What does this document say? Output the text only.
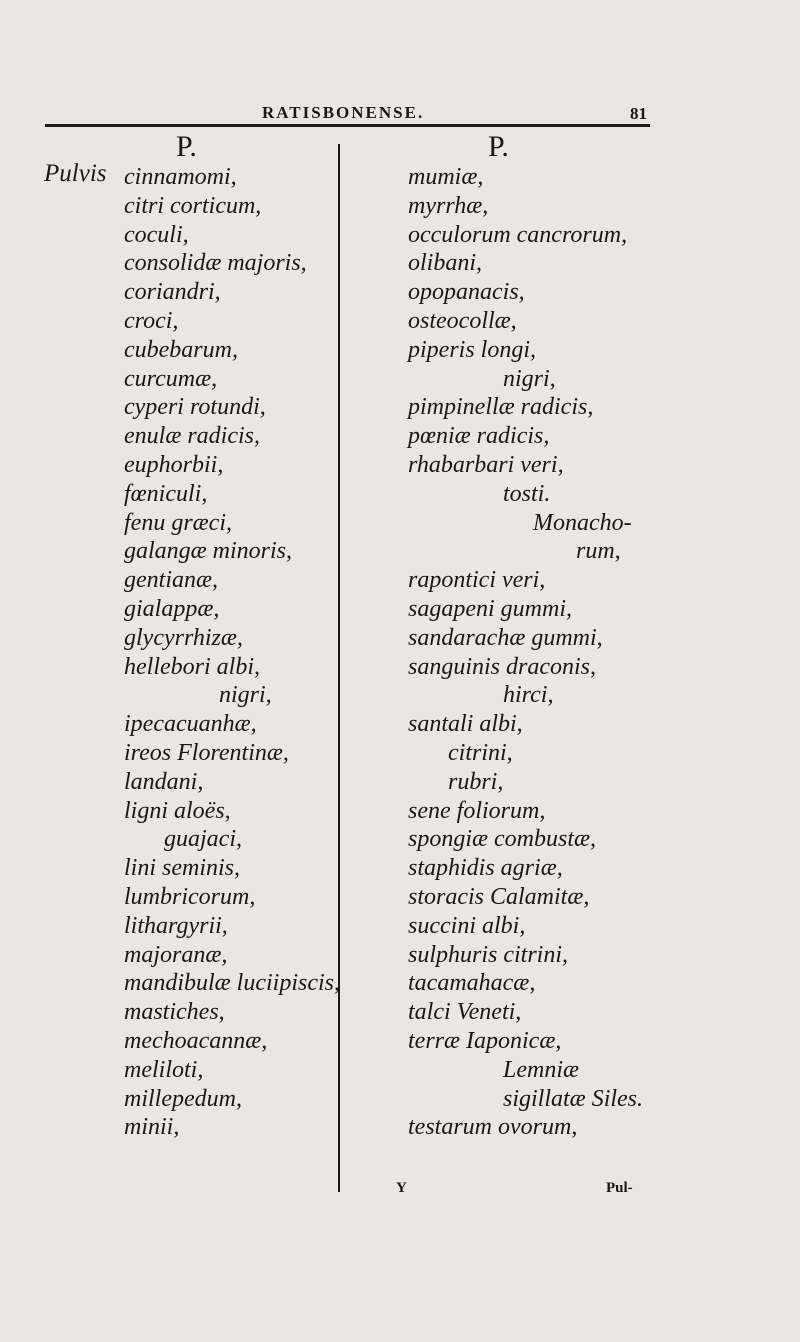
RATISBONENSE.	81
P.	P.
Pulvis cinnamomi,
citri corticum,
coculi,
consolidæ majoris,
coriandri,
croci,
cubebarum,
curcumæ,
cyperi rotundi,
enulæ radicis,
euphorbii,
fœniculi,
fenu græci,
galangæ minoris,
gentianæ,
gialappæ,
glycyrrhizæ,
hellebori albi,
nigri,
ipecacuanhæ,
ireos Florentinæ,
landani,
ligni aloës,
guajaci,
lini seminis,
lumbricorum,
lithargyrii,
majoranæ,
mandibulæ luciipiscis,
mastiches,
mechoacannæ,
meliloti,
millepedum,
minii,
mumiæ,
myrrhæ,
occulorum cancrorum,
olibani,
opopanacis,
osteocollæ,
piperis longi,
nigri,
pimpinellæ radicis,
pœniæ radicis,
rhabarbari veri,
tosti.
Monacho-
rum,
rapontici veri,
sagapeni gummi,
sandarachæ gummi,
sanguinis draconis,
hirci,
santali albi,
citrini,
rubri,
sene foliorum,
spongiæ combustæ,
staphidis agriæ,
storacis Calamitæ,
succini albi,
sulphuris citrini,
tacamahacæ,
talci Veneti,
terræ Iaponicæ,
Lemniæ
sigillatæ Siles.
testarum ovorum,
Y	Pul-
